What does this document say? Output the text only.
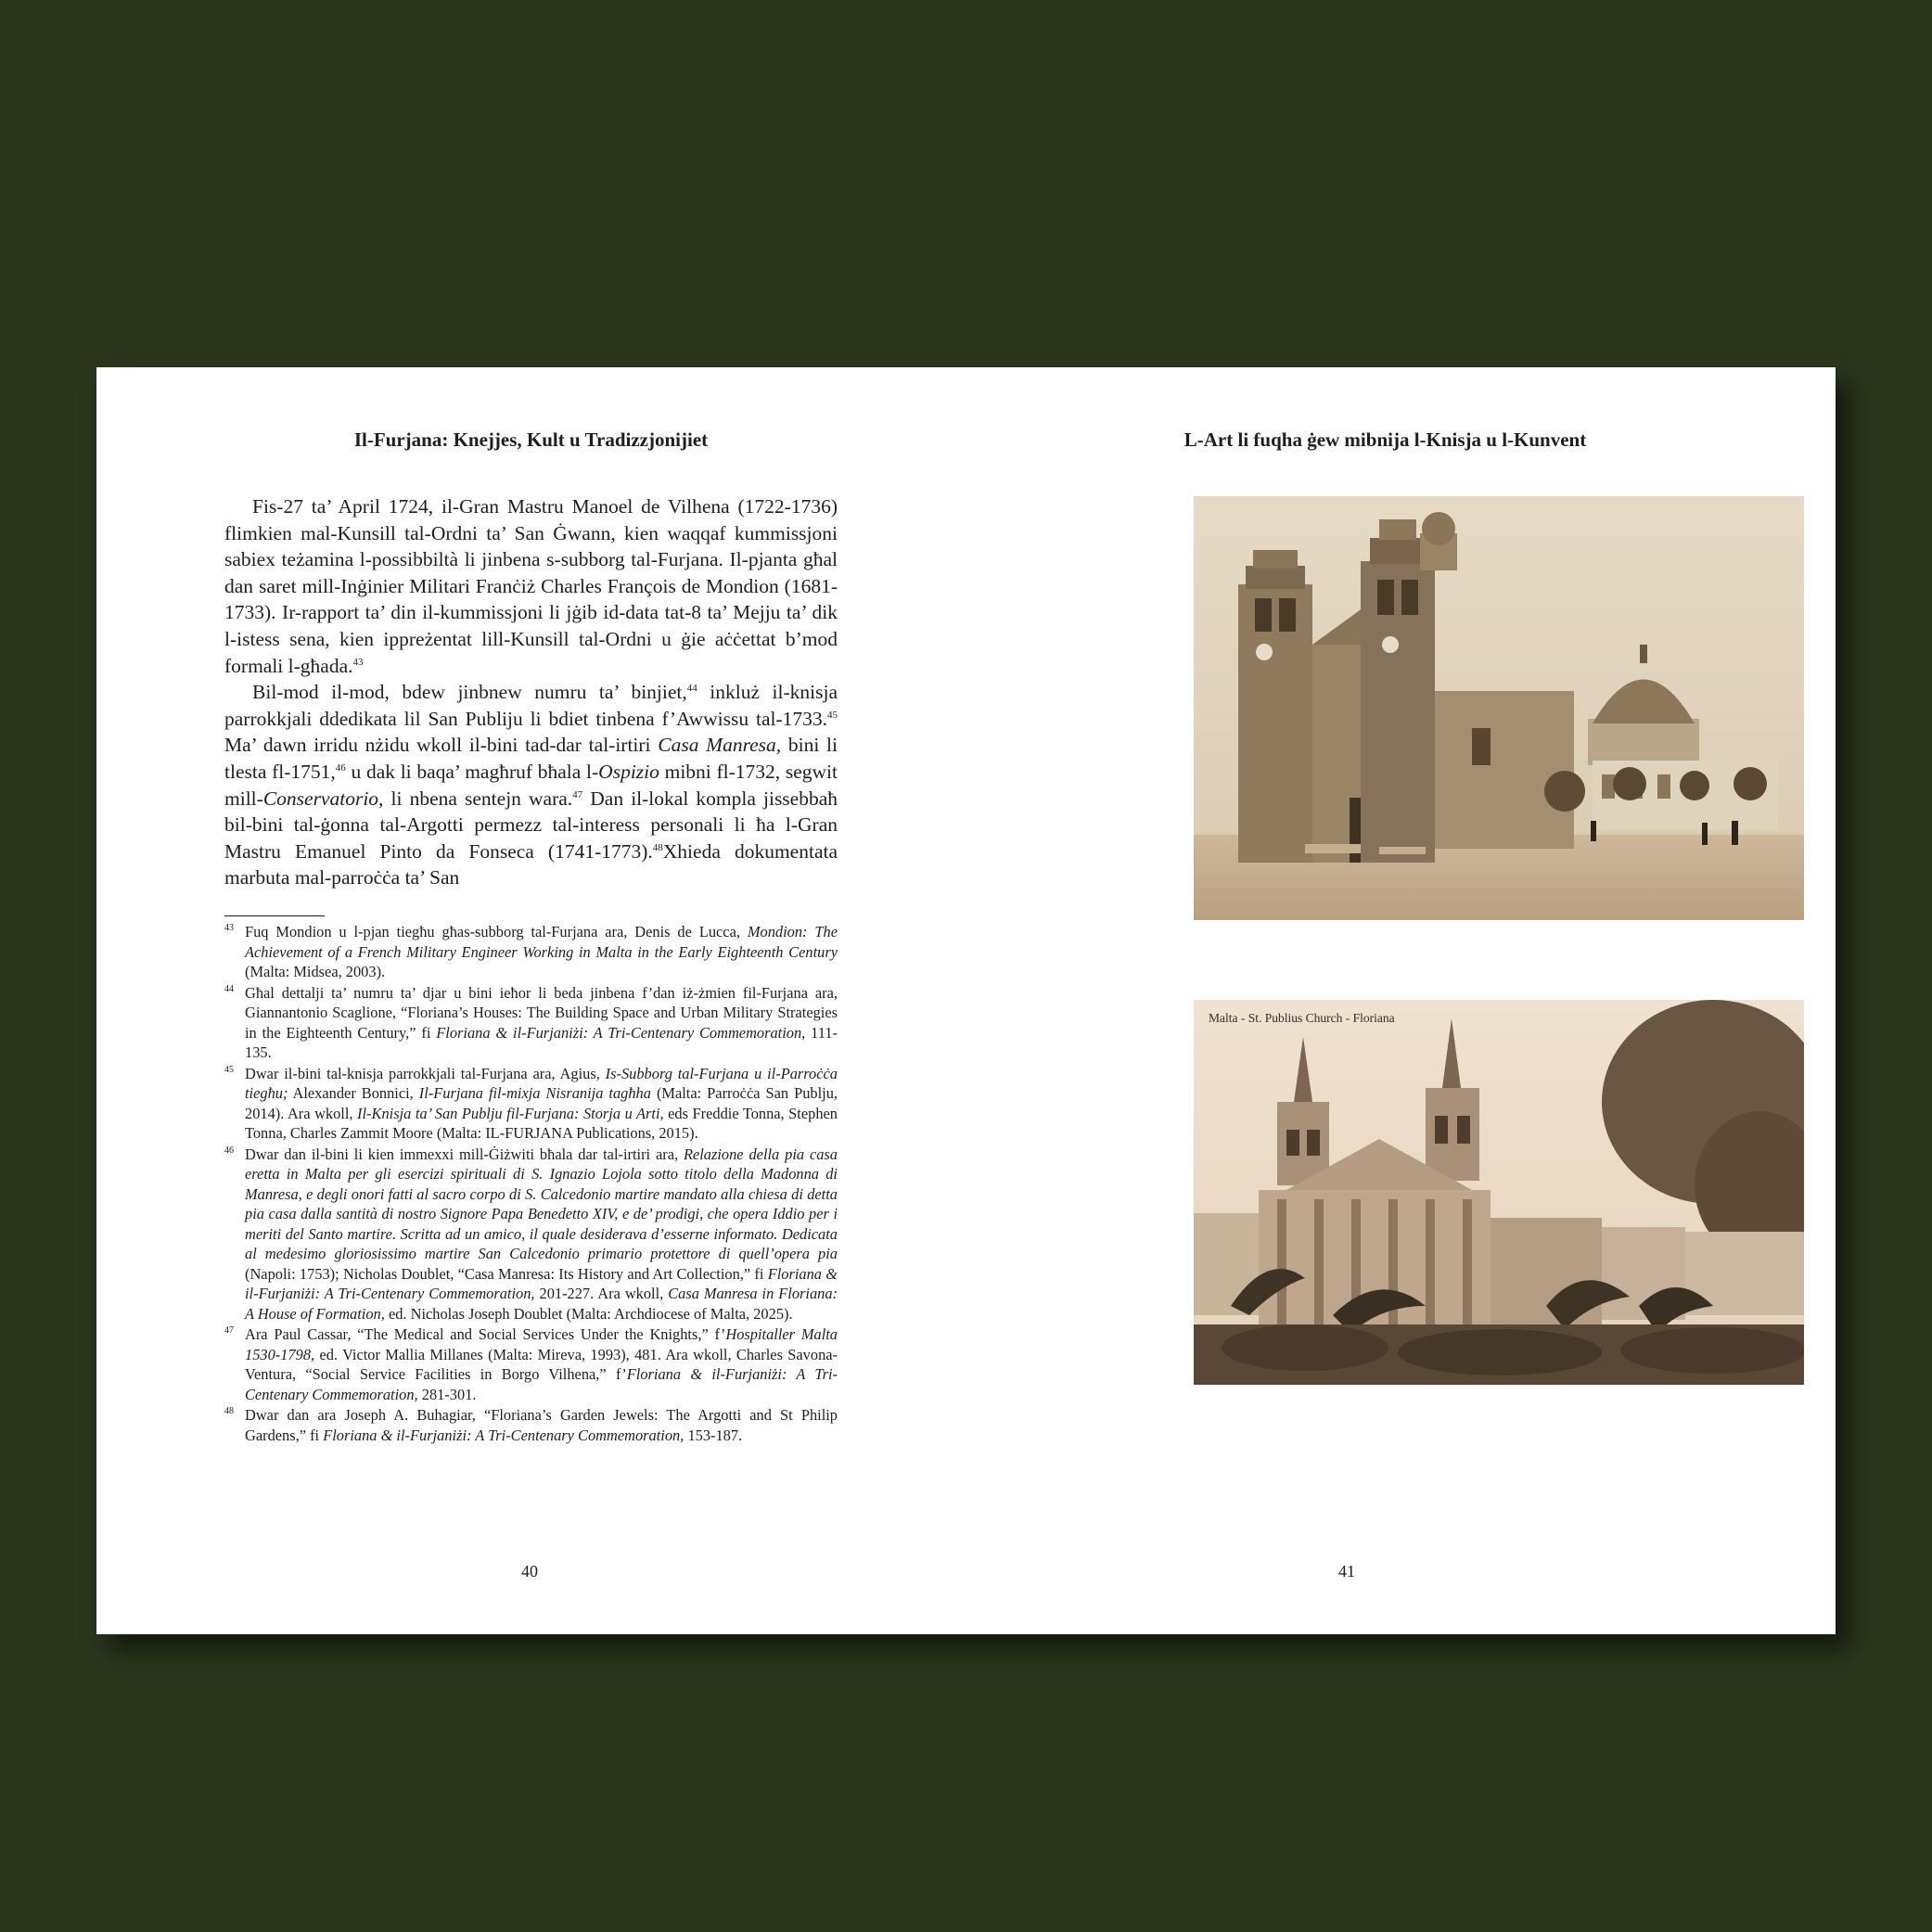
Il-Furjana: Knejjes, Kult u Tradizzjonijiet

Fis-27 ta’ April 1724, il-Gran Mastru Manoel de Vilhena (1722-1736) flimkien mal-Kunsill tal-Ordni ta’ San Ġwann, kien waqqaf kummissjoni sabiex teżamina l-possibbiltà li jinbena s-subborg tal-Furjana. Il-pjanta għal dan saret mill-Inġinier Militari Franċiż Charles François de Mondion (1681-1733). Ir-rapport ta’ din il-kummissjoni li jġib id-data tat-8 ta’ Mejju ta’ dik l-istess sena, kien ippreżentat lill-Kunsill tal-Ordni u ġie aċċettat b’mod formali l-għada.$^{43}$

Bil-mod il-mod, bdew jinbnew numru ta’ binjiet,$^{44}$ inkluż il-knisja parrokkjali ddedikata lil San Publiju li bdiet tinbena f’Awwissu tal-1733.45 Ma’ dawn irridu nżidu wkoll il-bini tad-dar tal-irtiri Casa Manresa, bini li tlesta fl-1751,46 u dak li baqa’ magħruf bħala l-Ospizio mibni fl-1732, segwit mill-Conservatorio, li nbena sentejn wara.$^{47}$ Dan il-lokal kompla jissebbaħ bil-bini tal-ġonna tal-Argotti permezz tal-interess personali li ħa l-Gran Mastru Emanuel Pinto da Fonseca (1741-1773).$^{48}$Xhieda dokumentata marbuta mal-parroċċa ta’ San

43 Fuq Mondion u l-pjan tiegħu għas-subborg tal-Furjana ara, Denis de Lucca, Mondion: The Achievement of a French Military Engineer Working in Malta in the Early Eighteenth Century (Malta: Midsea, 2003).
44 Għal dettalji ta’ numru ta’ djar u bini ieħor li beda jinbena f’dan iż-żmien fil-Furjana ara, Giannantonio Scaglione, “Floriana’s Houses: The Building Space and Urban Military Strategies in the Eighteenth Century,” fi Floriana & il-Furjaniżi: A Tri-Centenary Commemoration, 111-135.
45 Dwar il-bini tal-knisja parrokkjali tal-Furjana ara, Agius, Is-Subborg tal-Furjana u il-Parroċċa tiegħu; Alexander Bonnici, Il-Furjana fil-mixja Nisranija tagħha (Malta: Parroċċa San Publju, 2014). Ara wkoll, Il-Knisja ta’ San Publju fil-Furjana: Storja u Arti, eds Freddie Tonna, Stephen Tonna, Charles Zammit Moore (Malta: IL-FURJANA Publications, 2015).
46 Dwar dan il-bini li kien immexxi mill-Ġiżwiti bħala dar tal-irtiri ara, Relazione della pia casa eretta in Malta per gli esercizi spirituali di S. Ignazio Lojola sotto titolo della Madonna di Manresa, e degli onori fatti al sacro corpo di S. Calcedonio martire mandato alla chiesa di detta pia casa dalla santità di nostro Signore Papa Benedetto XIV, e de’ prodigi, che opera Iddio per i meriti del Santo martire. Scritta ad un amico, il quale desiderava d’esserne informato. Dedicata al medesimo gloriosissimo martire San Calcedonio primario protettore di quell’opera pia (Napoli: 1753); Nicholas Doublet, “Casa Manresa: Its History and Art Collection,” fi Floriana & il-Furjaniżi: A Tri-Centenary Commemoration, 201-227. Ara wkoll, Casa Manresa in Floriana: A House of Formation, ed. Nicholas Joseph Doublet (Malta: Archdiocese of Malta, 2025).
47 Ara Paul Cassar, “The Medical and Social Services Under the Knights,” f’Hospitaller Malta 1530-1798, ed. Victor Mallia Millanes (Malta: Mireva, 1993), 481. Ara wkoll, Charles Savona-Ventura, “Social Service Facilities in Borgo Vilhena,” f’Floriana & il-Furjaniżi: A Tri-Centenary Commemoration, 281-301.
48 Dwar dan ara Joseph A. Buhagiar, “Floriana’s Garden Jewels: The Argotti and St Philip Gardens,” fi Floriana & il-Furjaniżi: A Tri-Centenary Commemoration, 153-187.
40
L-Art li fuqha ġew mibnija l-Knisja u l-Kunvent
Malta - St. Publius Church - Floriana
41
